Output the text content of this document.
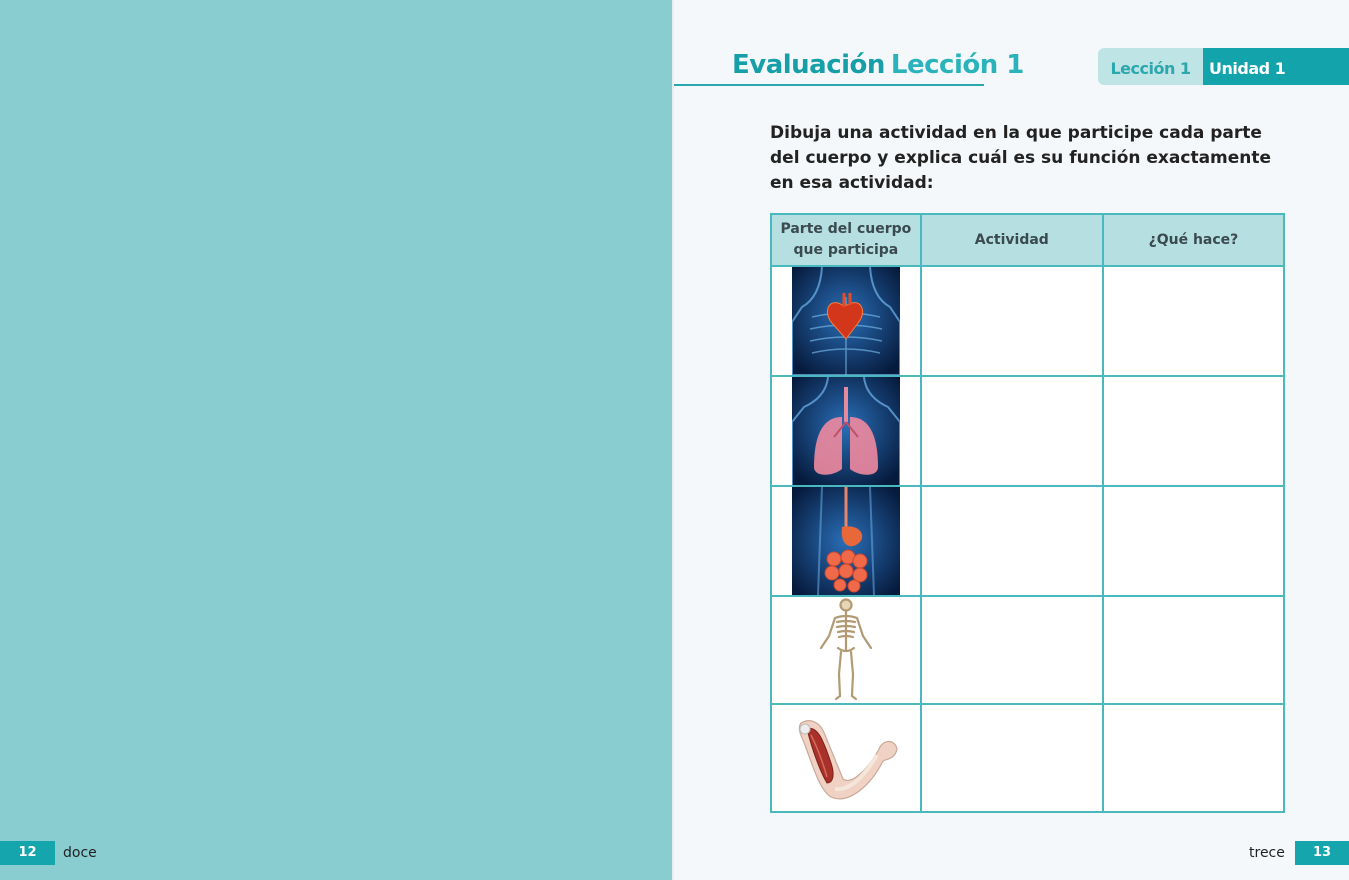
12	doce	trece	13
Evaluación Lección 1	Lección 1	Unidad 1
Dibuja una actividad en la que participe cada parte del cuerpo y explica cuál es su función exactamente en esa actividad:
Parte del cuerpo que participa	Actividad	¿Qué hace?
